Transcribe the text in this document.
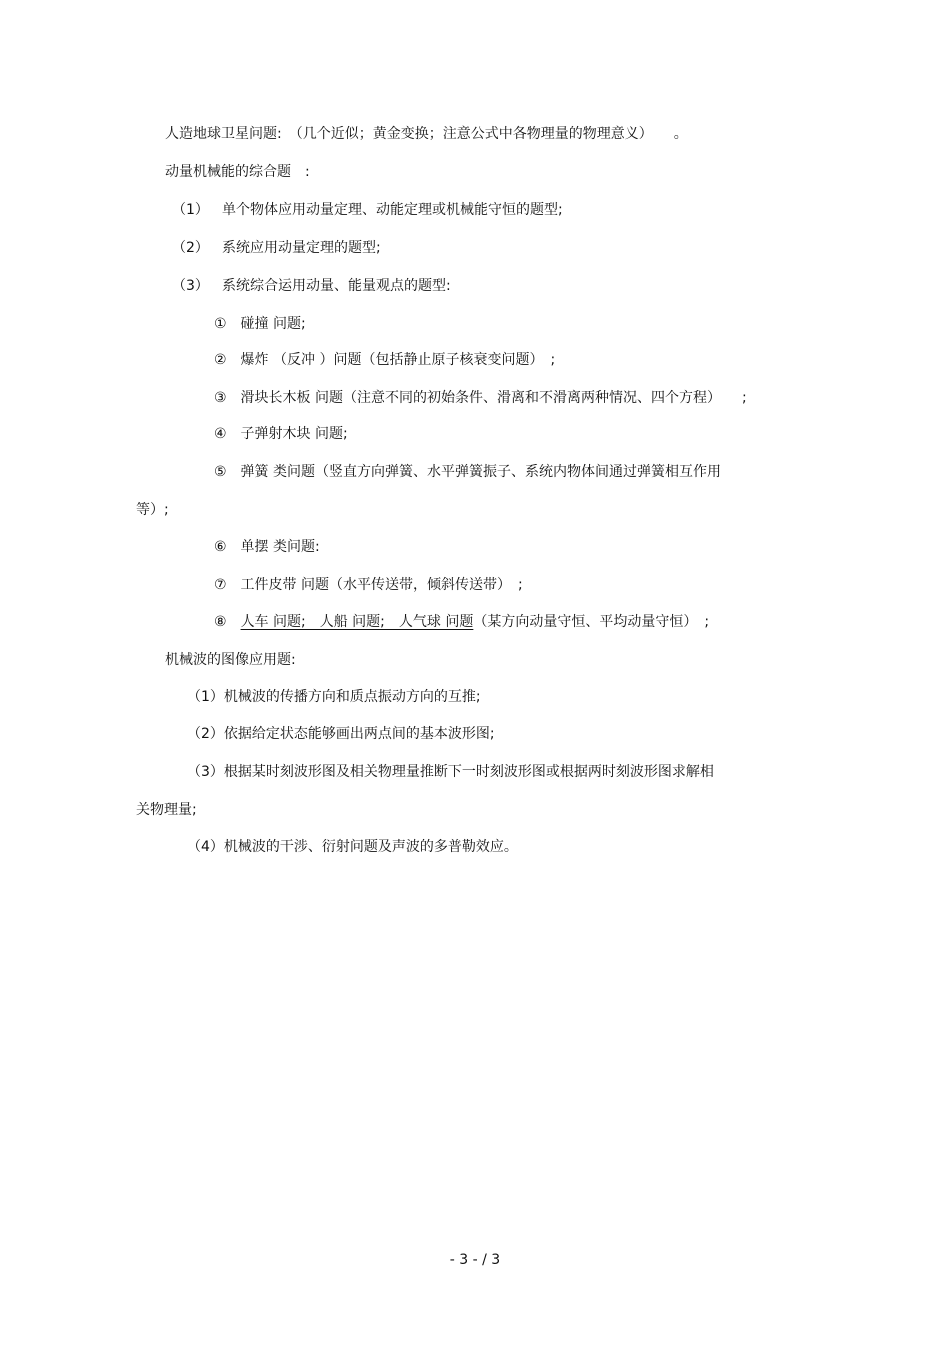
人造地球卫星问题:　（几个近似；黄金变换；注意公式中各物理量的物理意义）　　。
动量机械能的综合题　:
（1） 单个物体应用动量定理、动能定理或机械能守恒的题型;
（2） 系统应用动量定理的题型;
（3） 系统综合运用动量、能量观点的题型:
①　碰撞 问题;
②　爆炸 （反冲 ）问题（包括静止原子核衰变问题）　;
③　滑块长木板 问题（注意不同的初始条件、滑离和不滑离两种情况、四个方程）　　;
④　子弹射木块 问题;
⑤　弹簧 类问题（竖直方向弹簧、水平弹簧振子、系统内物体间通过弹簧相互作用
等）;
⑥　单摆 类问题:
⑦　工件皮带 问题（水平传送带，倾斜传送带）　;
⑧　 人车 问题;　人船 问题;　人气球 问题（某方向动量守恒、平均动量守恒）　;
机械波的图像应用题:
（1）机械波的传播方向和质点振动方向的互推;
（2）依据给定状态能够画出两点间的基本波形图;
（3）根据某时刻波形图及相关物理量推断下一时刻波形图或根据两时刻波形图求解相
关物理量;
（4）机械波的干涉、衍射问题及声波的多普勒效应。
- 3 - / 3
